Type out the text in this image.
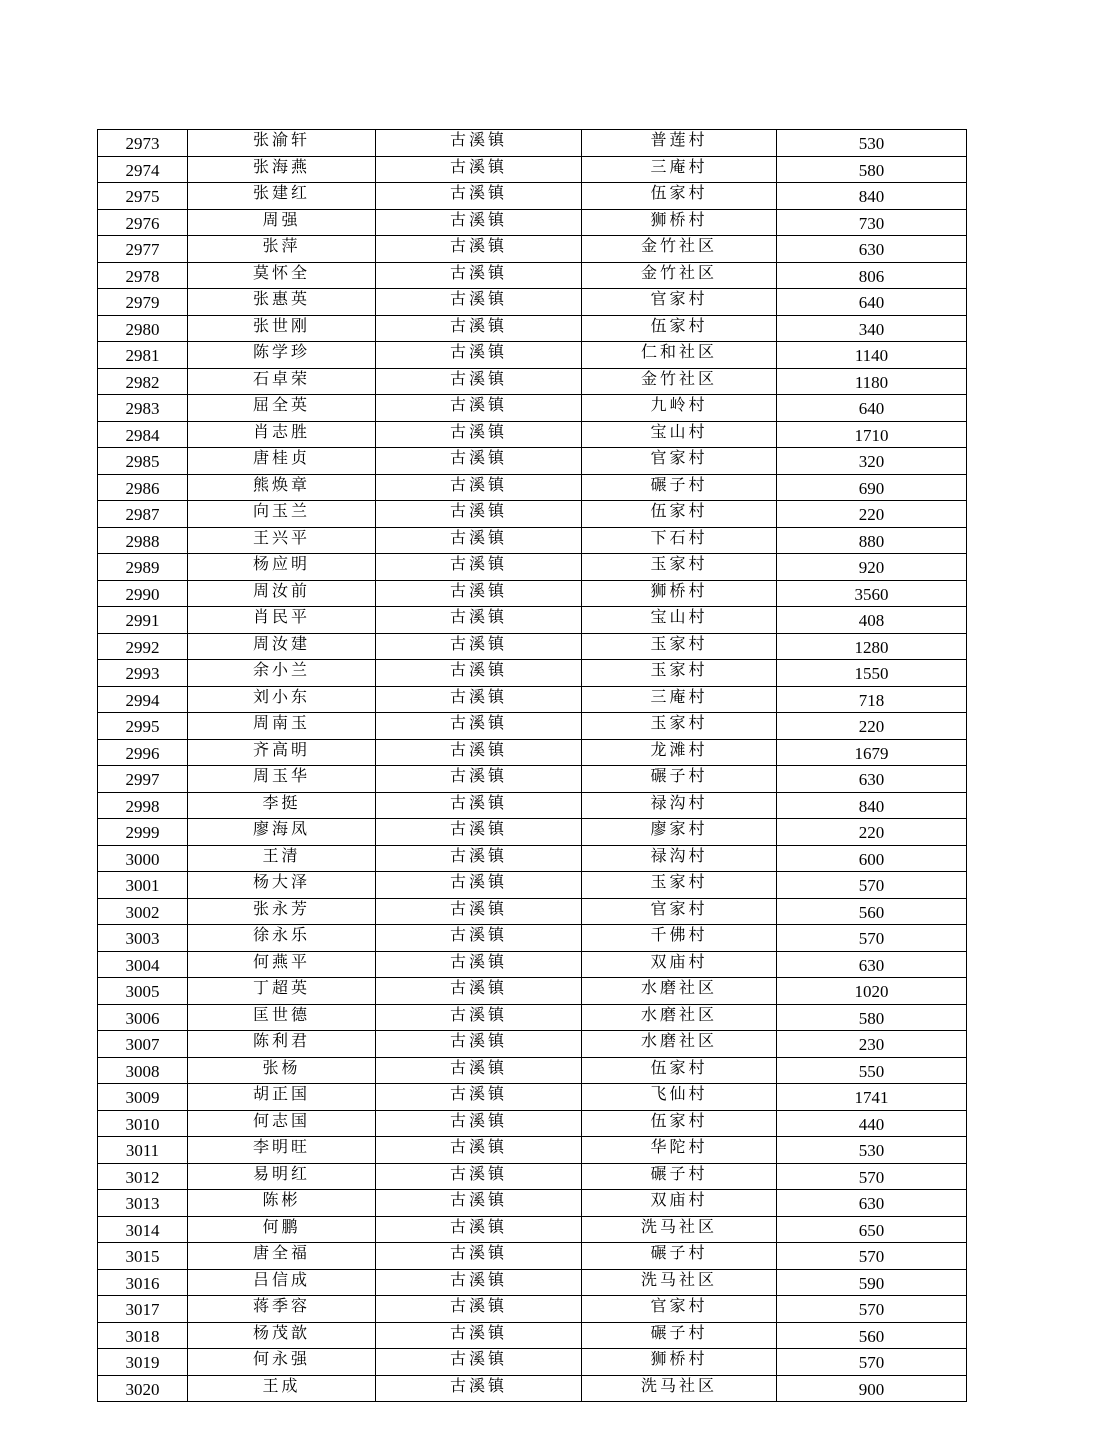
2973	张渝轩	古溪镇	普莲村	530
2974	张海燕	古溪镇	三庵村	580
2975	张建红	古溪镇	伍家村	840
2976	周强	古溪镇	狮桥村	730
2977	张萍	古溪镇	金竹社区	630
2978	莫怀全	古溪镇	金竹社区	806
2979	张惠英	古溪镇	官家村	640
2980	张世刚	古溪镇	伍家村	340
2981	陈学珍	古溪镇	仁和社区	1140
2982	石卓荣	古溪镇	金竹社区	1180
2983	屈全英	古溪镇	九岭村	640
2984	肖志胜	古溪镇	宝山村	1710
2985	唐桂贞	古溪镇	官家村	320
2986	熊焕章	古溪镇	碾子村	690
2987	向玉兰	古溪镇	伍家村	220
2988	王兴平	古溪镇	下石村	880
2989	杨应明	古溪镇	玉家村	920
2990	周汝前	古溪镇	狮桥村	3560
2991	肖民平	古溪镇	宝山村	408
2992	周汝建	古溪镇	玉家村	1280
2993	余小兰	古溪镇	玉家村	1550
2994	刘小东	古溪镇	三庵村	718
2995	周南玉	古溪镇	玉家村	220
2996	齐高明	古溪镇	龙滩村	1679
2997	周玉华	古溪镇	碾子村	630
2998	李挺	古溪镇	禄沟村	840
2999	廖海凤	古溪镇	廖家村	220
3000	王清	古溪镇	禄沟村	600
3001	杨大泽	古溪镇	玉家村	570
3002	张永芳	古溪镇	官家村	560
3003	徐永乐	古溪镇	千佛村	570
3004	何燕平	古溪镇	双庙村	630
3005	丁超英	古溪镇	水磨社区	1020
3006	匡世德	古溪镇	水磨社区	580
3007	陈利君	古溪镇	水磨社区	230
3008	张杨	古溪镇	伍家村	550
3009	胡正国	古溪镇	飞仙村	1741
3010	何志国	古溪镇	伍家村	440
3011	李明旺	古溪镇	华陀村	530
3012	易明红	古溪镇	碾子村	570
3013	陈彬	古溪镇	双庙村	630
3014	何鹏	古溪镇	洗马社区	650
3015	唐全福	古溪镇	碾子村	570
3016	吕信成	古溪镇	洗马社区	590
3017	蒋季容	古溪镇	官家村	570
3018	杨茂歆	古溪镇	碾子村	560
3019	何永强	古溪镇	狮桥村	570
3020	王成	古溪镇	洗马社区	900
